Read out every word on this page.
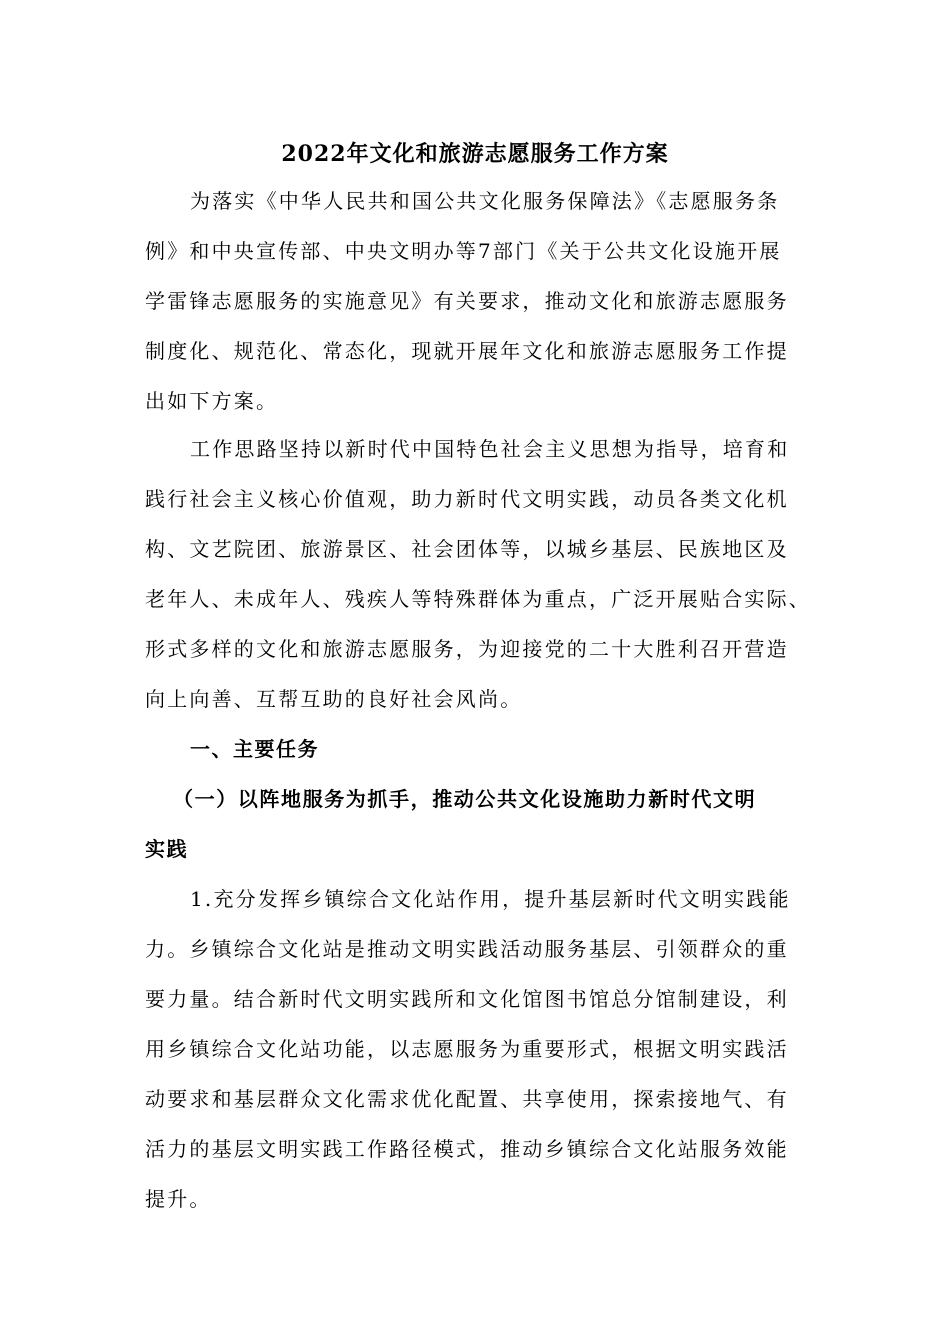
2022年文化和旅游志愿服务工作方案
为落实《中华人民共和国公共文化服务保障法》《志愿服务条
例》和中央宣传部、中央文明办等7部门《关于公共文化设施开展
学雷锋志愿服务的实施意见》有关要求，推动文化和旅游志愿服务
制度化、规范化、常态化，现就开展年文化和旅游志愿服务工作提
出如下方案。
工作思路坚持以新时代中国特色社会主义思想为指导，培育和
践行社会主义核心价值观，助力新时代文明实践，动员各类文化机
构、文艺院团、旅游景区、社会团体等，以城乡基层、民族地区及
老年人、未成年人、残疾人等特殊群体为重点，广泛开展贴合实际、
形式多样的文化和旅游志愿服务，为迎接党的二十大胜利召开营造
向上向善、互帮互助的良好社会风尚。
一、主要任务
（一）以阵地服务为抓手，推动公共文化设施助力新时代文明
实践
1.充分发挥乡镇综合文化站作用，提升基层新时代文明实践能
力。乡镇综合文化站是推动文明实践活动服务基层、引领群众的重
要力量。结合新时代文明实践所和文化馆图书馆总分馆制建设，利
用乡镇综合文化站功能，以志愿服务为重要形式，根据文明实践活
动要求和基层群众文化需求优化配置、共享使用，探索接地气、有
活力的基层文明实践工作路径模式，推动乡镇综合文化站服务效能
提升。
